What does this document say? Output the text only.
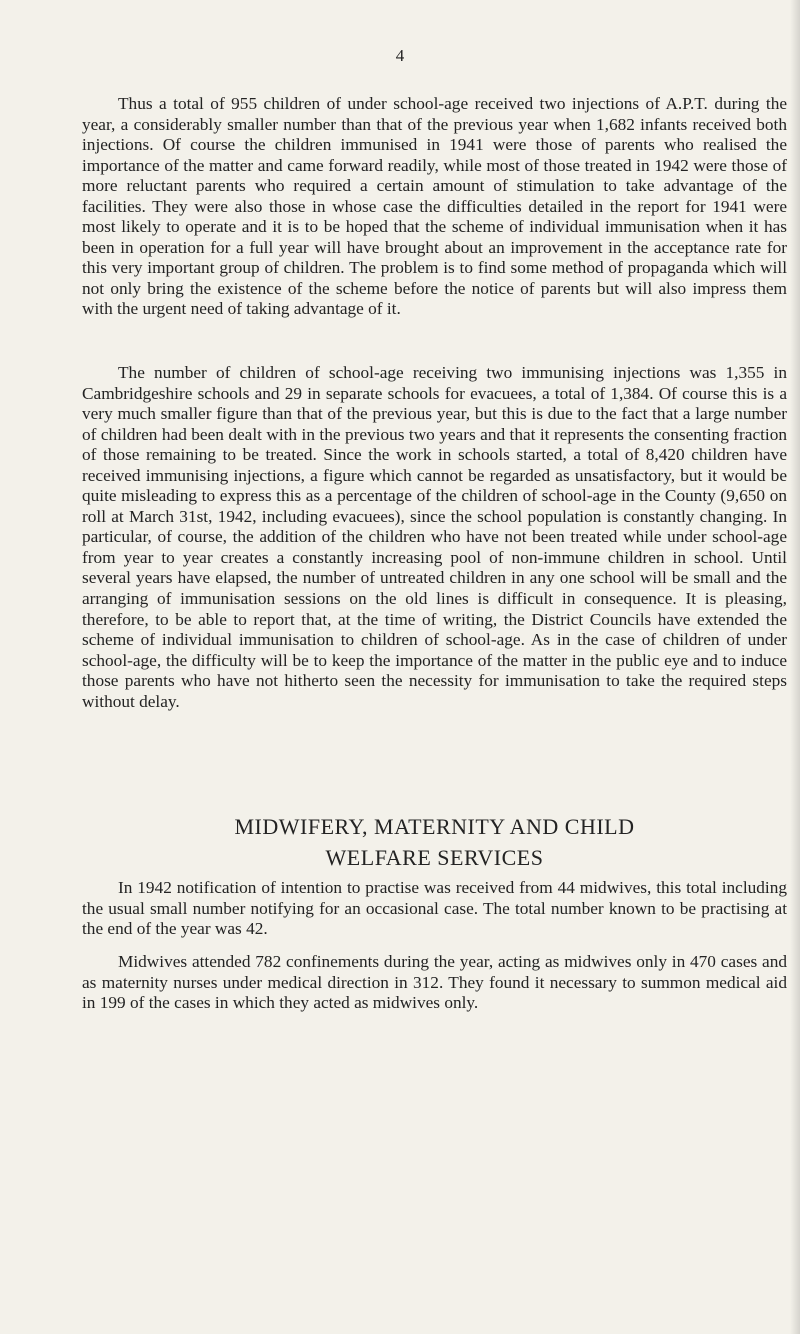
4

Thus a total of 955 children of under school-age received two injections of A.P.T. during the year, a considerably smaller number than that of the previous year when 1,682 infants received both injections. Of course the children immunised in 1941 were those of parents who realised the importance of the matter and came forward readily, while most of those treated in 1942 were those of more reluctant parents who required a certain amount of stimulation to take advantage of the facilities. They were also those in whose case the difficulties detailed in the report for 1941 were most likely to operate and it is to be hoped that the scheme of individual immunisation when it has been in operation for a full year will have brought about an improvement in the acceptance rate for this very important group of children. The problem is to find some method of propaganda which will not only bring the existence of the scheme before the notice of parents but will also impress them with the urgent need of taking advantage of it.

The number of children of school-age receiving two immunising injections was 1,355 in Cambridgeshire schools and 29 in separate schools for evacuees, a total of 1,384. Of course this is a very much smaller figure than that of the previous year, but this is due to the fact that a large number of children had been dealt with in the previous two years and that it represents the consenting fraction of those remaining to be treated. Since the work in schools started, a total of 8,420 children have received immunising injections, a figure which cannot be regarded as unsatisfactory, but it would be quite misleading to express this as a percentage of the children of school-age in the County (9,650 on roll at March 31st, 1942, including evacuees), since the school population is constantly changing. In particular, of course, the addition of the children who have not been treated while under school-age from year to year creates a constantly increasing pool of non-immune children in school. Until several years have elapsed, the number of untreated children in any one school will be small and the arranging of immunisation sessions on the old lines is difficult in consequence. It is pleasing, therefore, to be able to report that, at the time of writing, the District Councils have extended the scheme of individual immunisation to children of school-age. As in the case of children of under school-age, the difficulty will be to keep the importance of the matter in the public eye and to induce those parents who have not hitherto seen the necessity for immunisation to take the required steps without delay.

MIDWIFERY, MATERNITY AND CHILD
WELFARE SERVICES

In 1942 notification of intention to practise was received from 44 midwives, this total including the usual small number notifying for an occasional case. The total number known to be practising at the end of the year was 42.

Midwives attended 782 confinements during the year, acting as midwives only in 470 cases and as maternity nurses under medical direction in 312. They found it necessary to summon medical aid in 199 of the cases in which they acted as midwives only.
